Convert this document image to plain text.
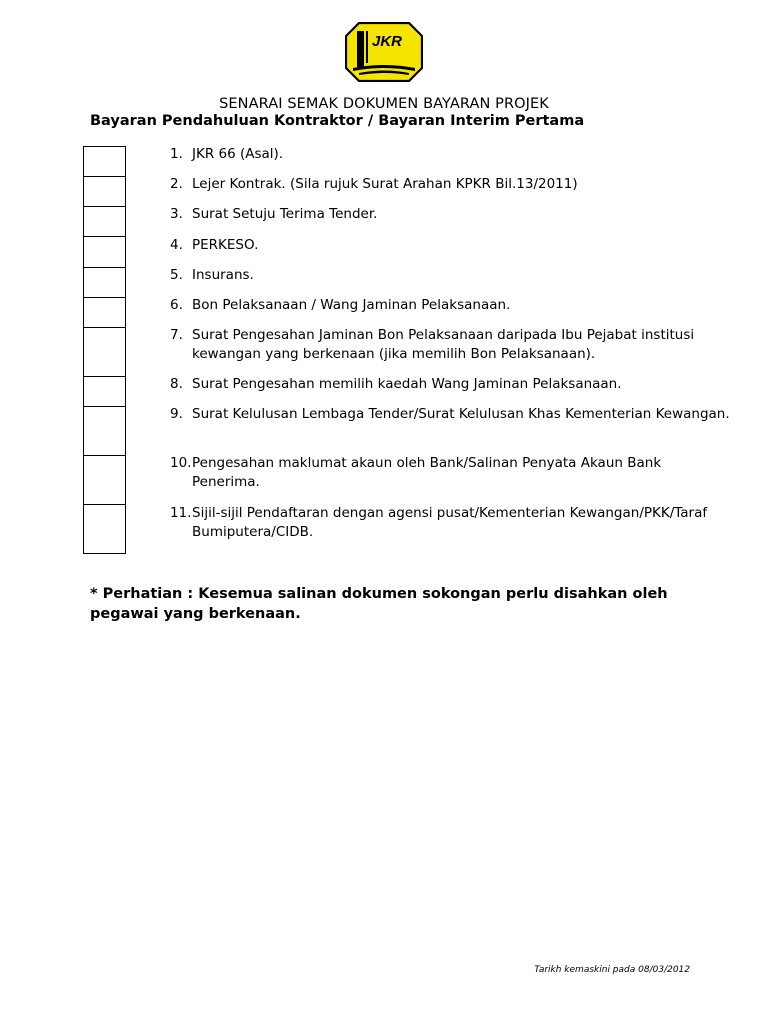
JKR
SENARAI SEMAK DOKUMEN BAYARAN PROJEK
Bayaran Pendahuluan Kontraktor / Bayaran Interim Pertama
1. JKR 66 (Asal).
2. Lejer Kontrak. (Sila rujuk Surat Arahan KPKR Bil.13/2011)
3. Surat Setuju Terima Tender.
4. PERKESO.
5. Insurans.
6. Bon Pelaksanaan / Wang Jaminan Pelaksanaan.
7. Surat Pengesahan Jaminan Bon Pelaksanaan daripada Ibu Pejabat institusi kewangan yang berkenaan (jika memilih Bon Pelaksanaan).
8. Surat Pengesahan memilih kaedah Wang Jaminan Pelaksanaan.
9. Surat Kelulusan Lembaga Tender/Surat Kelulusan Khas Kementerian Kewangan.
10. Pengesahan maklumat akaun oleh Bank/Salinan Penyata Akaun Bank Penerima.
11. Sijil-sijil Pendaftaran dengan agensi pusat/Kementerian Kewangan/PKK/Taraf Bumiputera/CIDB.
* Perhatian : Kesemua salinan dokumen sokongan perlu disahkan oleh pegawai yang berkenaan.
Tarikh kemaskini pada 08/03/2012
